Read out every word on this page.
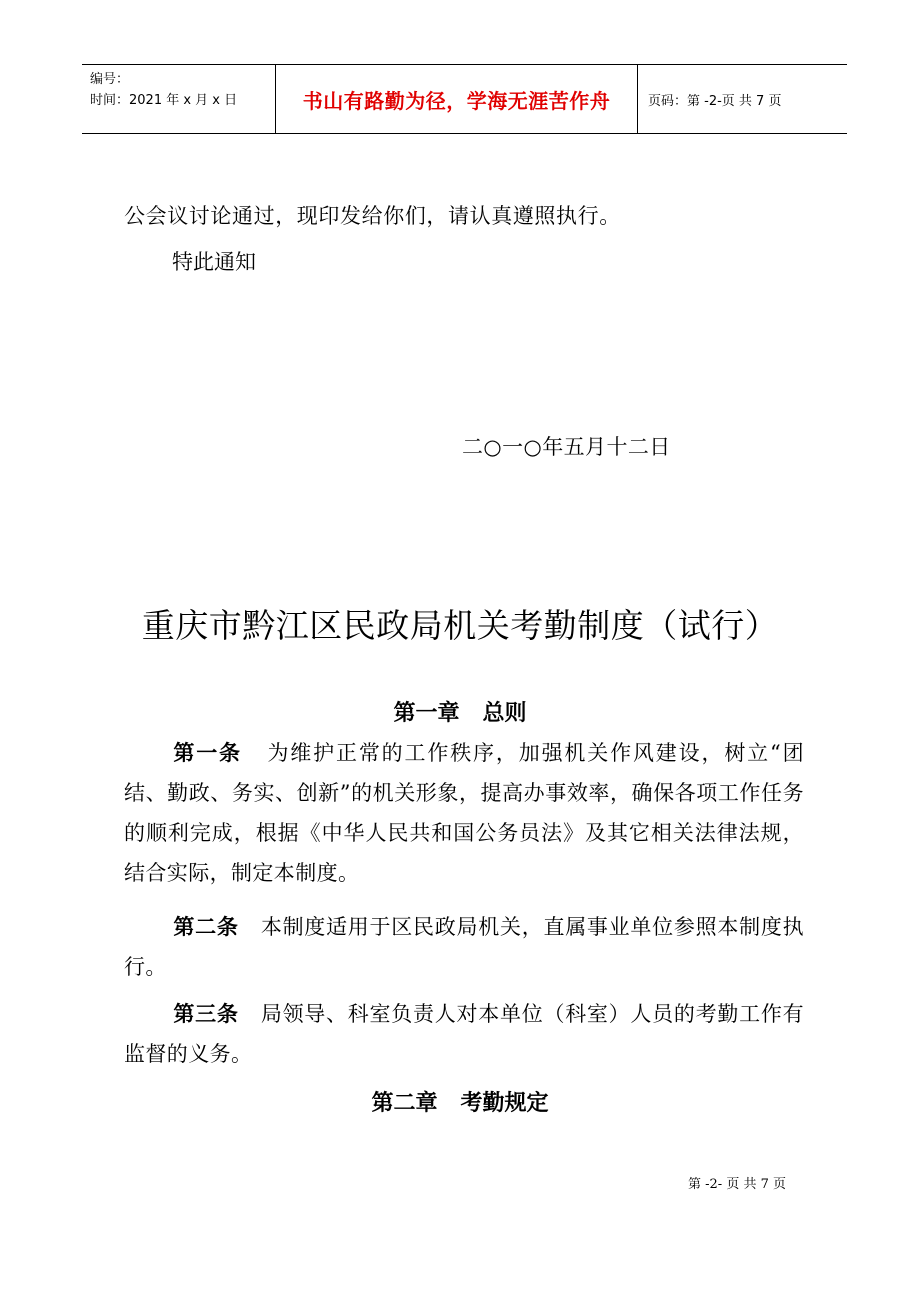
编号：
时间：2021 年 x 月 x 日	书山有路勤为径，学海无涯苦作舟	页码：第 -2-页 共 7 页
公会议讨论通过，现印发给你们，请认真遵照执行。
特此通知
二○一○年五月十二日
重庆市黔江区民政局机关考勤制度（试行）
第一章   总则
第一条 为维护正常的工作秩序，加强机关作风建设，树立“团结、勤政、务实、创新”的机关形象，提高办事效率，确保各项工作任务的顺利完成，根据《中华人民共和国公务员法》及其它相关法律法规，结合实际，制定本制度。
第二条 本制度适用于区民政局机关，直属事业单位参照本制度执行。
第三条 局领导、科室负责人对本单位（科室）人员的考勤工作有监督的义务。
第二章   考勤规定
第 -2- 页 共 7 页
